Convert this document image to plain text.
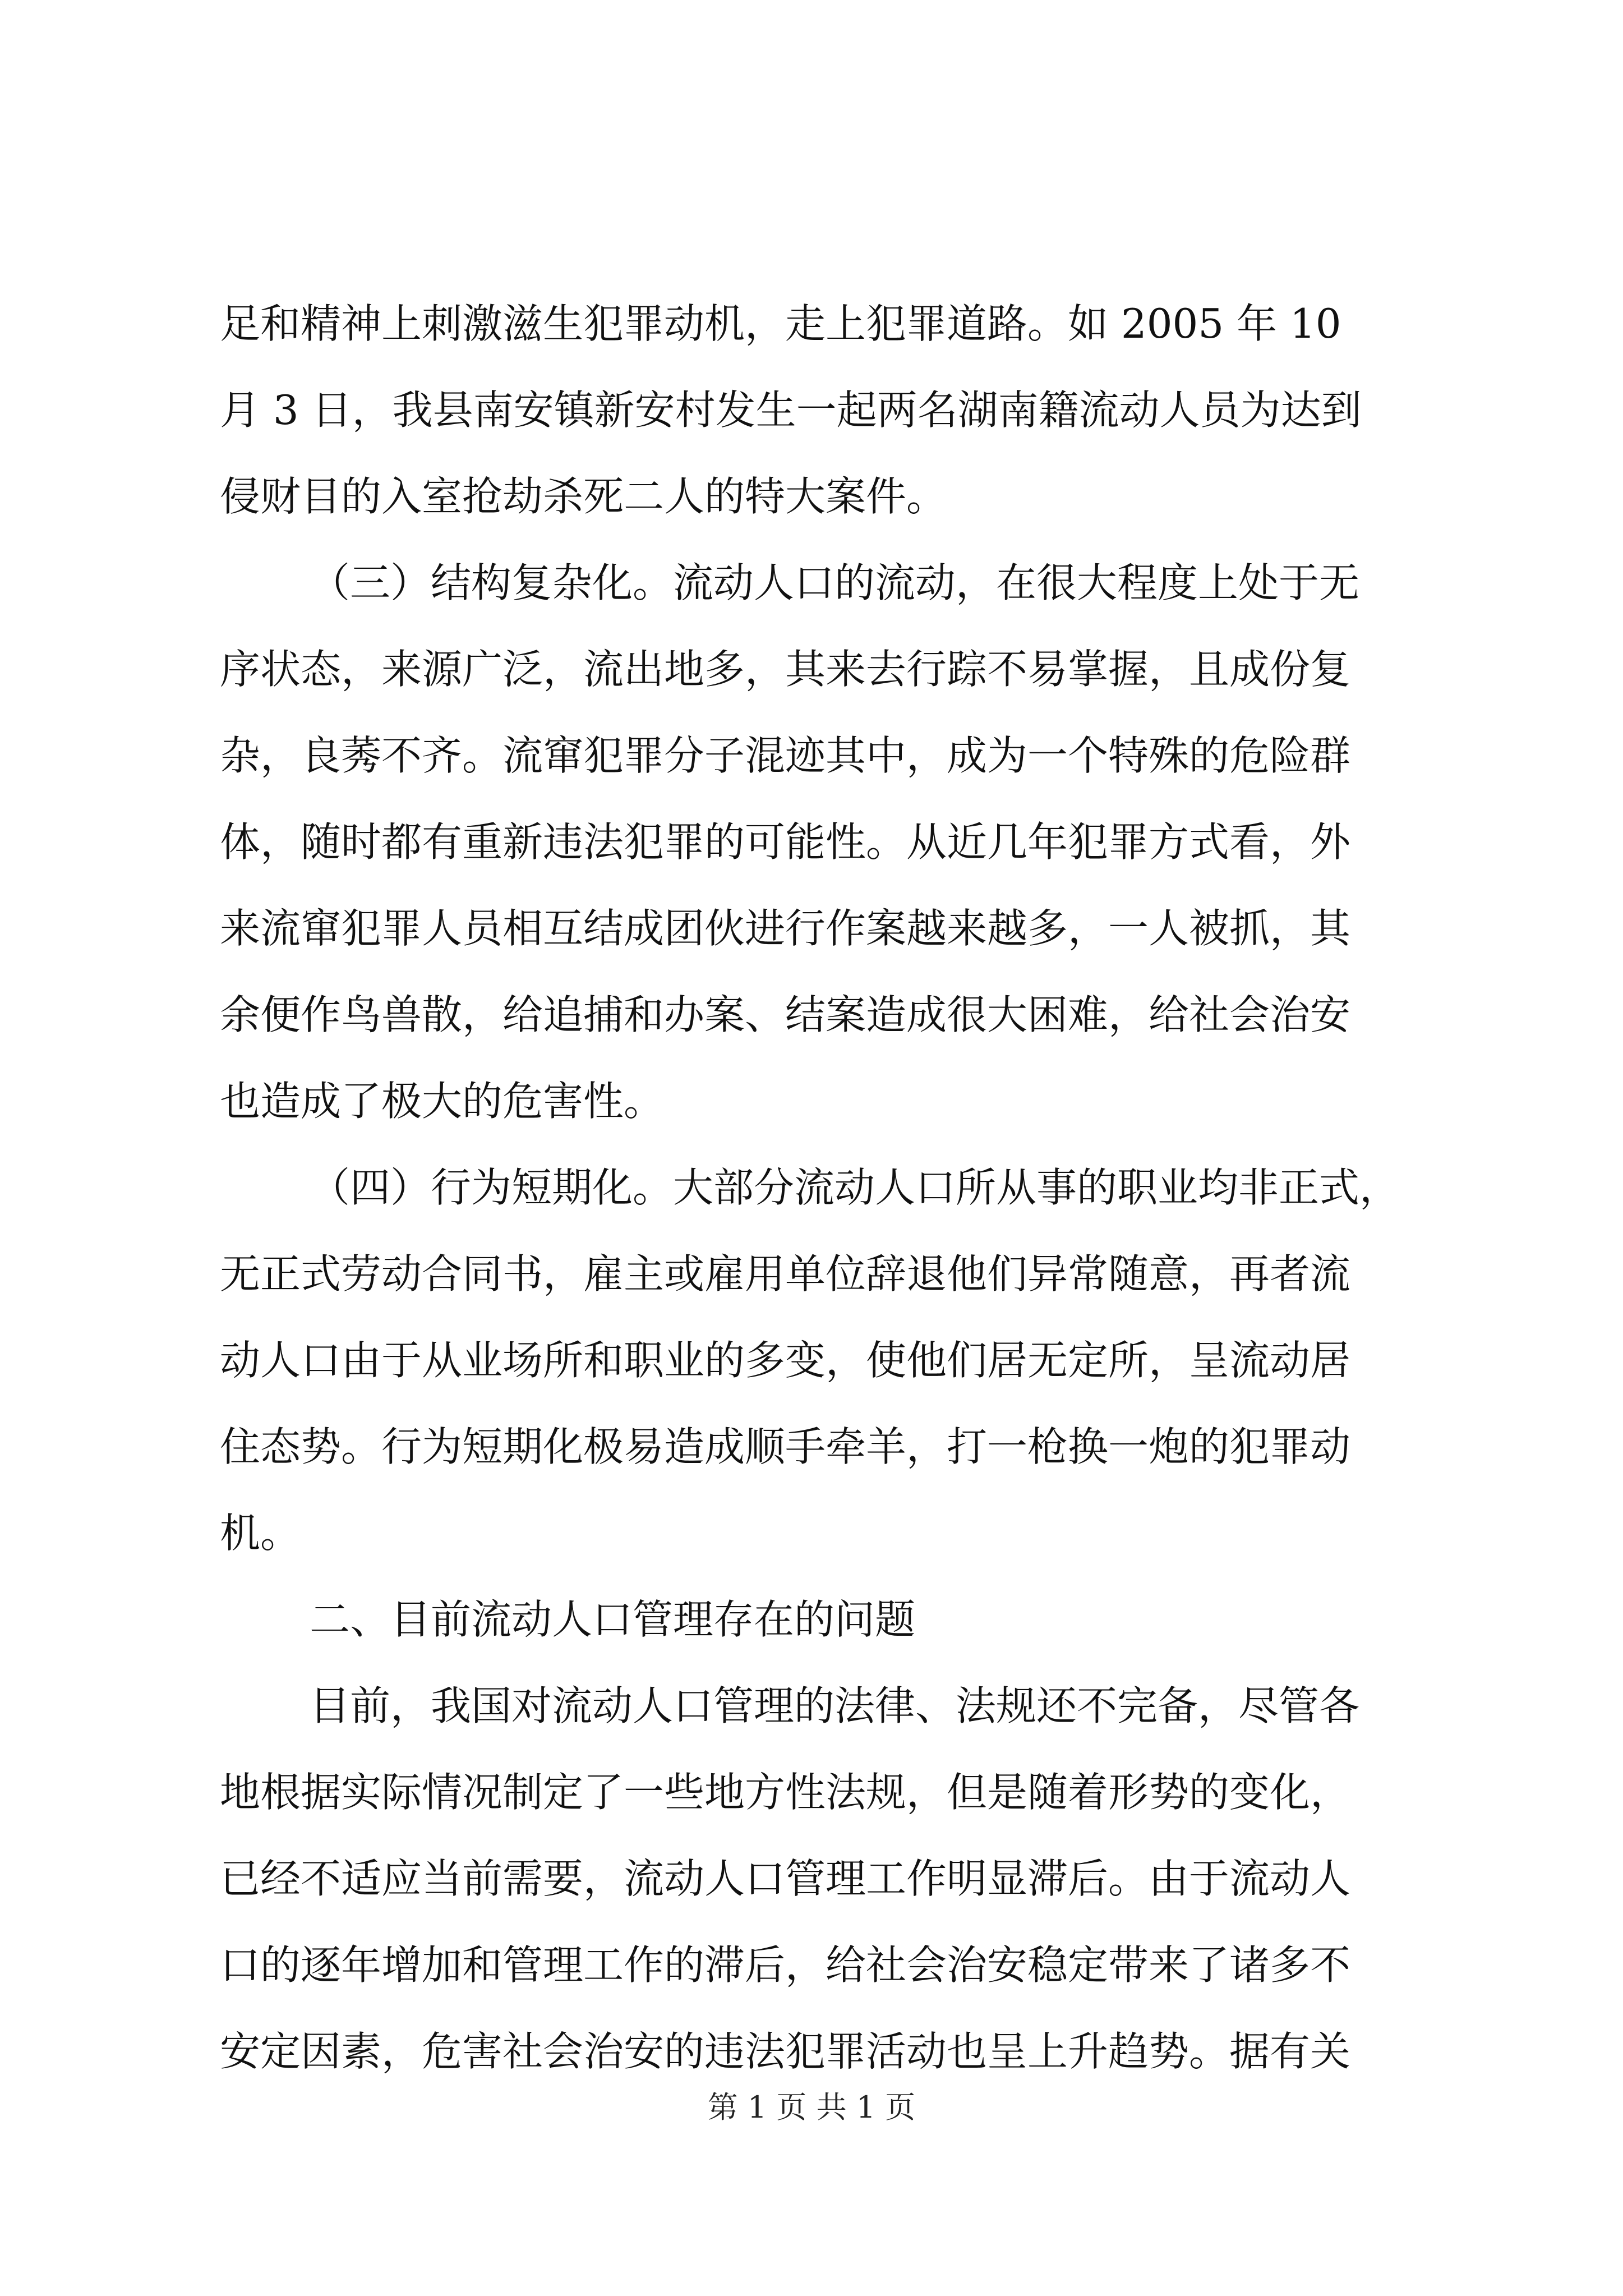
足和精神上刺激滋生犯罪动机，走上犯罪道路。如 2005 年 10
月 3 日，我县南安镇新安村发生一起两名湖南籍流动人员为达到
侵财目的入室抢劫杀死二人的特大案件。
（三）结构复杂化。流动人口的流动，在很大程度上处于无
序状态，来源广泛，流出地多，其来去行踪不易掌握，且成份复
杂，良莠不齐。流窜犯罪分子混迹其中，成为一个特殊的危险群
体，随时都有重新违法犯罪的可能性。从近几年犯罪方式看，外
来流窜犯罪人员相互结成团伙进行作案越来越多，一人被抓，其
余便作鸟兽散，给追捕和办案、结案造成很大困难，给社会治安
也造成了极大的危害性。
（四）行为短期化。大部分流动人口所从事的职业均非正式，
无正式劳动合同书，雇主或雇用单位辞退他们异常随意，再者流
动人口由于从业场所和职业的多变，使他们居无定所，呈流动居
住态势。行为短期化极易造成顺手牵羊，打一枪换一炮的犯罪动
机。
二、目前流动人口管理存在的问题
目前，我国对流动人口管理的法律、法规还不完备，尽管各
地根据实际情况制定了一些地方性法规，但是随着形势的变化，
已经不适应当前需要，流动人口管理工作明显滞后。由于流动人
口的逐年增加和管理工作的滞后，给社会治安稳定带来了诸多不
安定因素，危害社会治安的违法犯罪活动也呈上升趋势。据有关
第 1 页 共 1 页
